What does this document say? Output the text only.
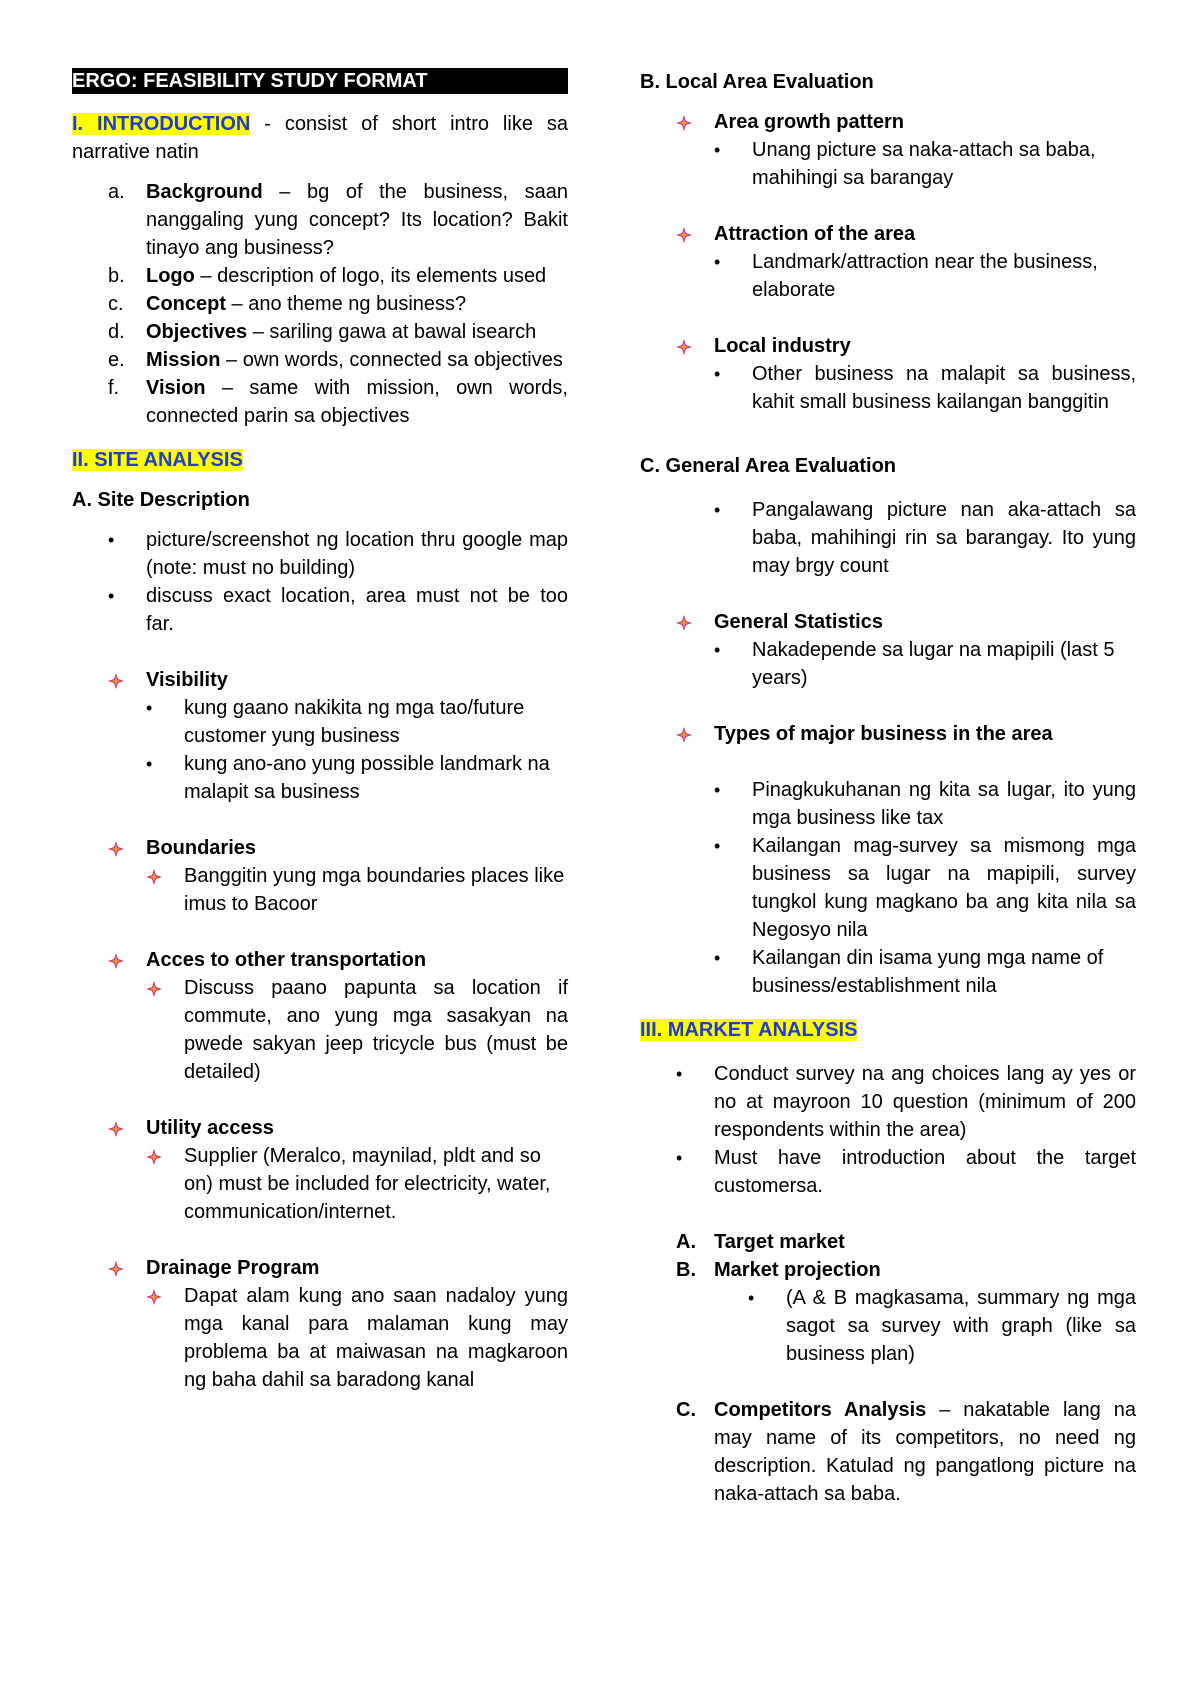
ERGO: FEASIBILITY STUDY FORMAT

I. INTRODUCTION - consist of short intro like sa narrative natin

a.	Background – bg of the business, saan nanggaling yung concept? Its location? Bakit tinayo ang business?
b.	Logo – description of logo, its elements used
c.	Concept – ano theme ng business?
d.	Objectives – sariling gawa at bawal isearch
e.	Mission – own words, connected sa objectives
f.	Vision – same with mission, own words, connected parin sa objectives

II. SITE ANALYSIS

A. Site Description

•	picture/screenshot ng location thru google map (note: must no building)
•	discuss exact location, area must not be too far.
Visibility
•	kung gaano nakikita ng mga tao/future customer yung business
•	kung ano-ano yung possible landmark na malapit sa business
Boundaries
Banggitin yung mga boundaries places like imus to Bacoor
Acces to other transportation
Discuss paano papunta sa location if commute, ano yung mga sasakyan na pwede sakyan jeep tricycle bus (must be detailed)
Utility access
Supplier (Meralco, maynilad, pldt and so on) must be included for electricity, water, communication/internet.
Drainage Program
Dapat alam kung ano saan nadaloy yung mga kanal para malaman kung may problema ba at maiwasan na magkaroon ng baha dahil sa baradong kanal

B. Local Area Evaluation

Area growth pattern
•	Unang picture sa naka-attach sa baba, mahihingi sa barangay
Attraction of the area
•	Landmark/attraction near the business, elaborate
Local industry
•	Other business na malapit sa business, kahit small business kailangan banggitin

C. General Area Evaluation

•	Pangalawang picture nan aka-attach sa baba, mahihingi rin sa barangay. Ito yung may brgy count
General Statistics
•	Nakadepende sa lugar na mapipili (last 5 years)
Types of major business in the area
•	Pinagkukuhanan ng kita sa lugar, ito yung mga business like tax
•	Kailangan mag-survey sa mismong mga business sa lugar na mapipili, survey tungkol kung magkano ba ang kita nila sa Negosyo nila
•	Kailangan din isama yung mga name of business/establishment nila

III. MARKET ANALYSIS

•	Conduct survey na ang choices lang ay yes or no at mayroon 10 question (minimum of 200 respondents within the area)
•	Must have introduction about the target customersa.
A. Target market
B. Market projection
•	(A & B magkasama, summary ng mga sagot sa survey with graph (like sa business plan)
C. Competitors Analysis – nakatable lang na may name of its competitors, no need ng description. Katulad ng pangatlong picture na naka-attach sa baba.
